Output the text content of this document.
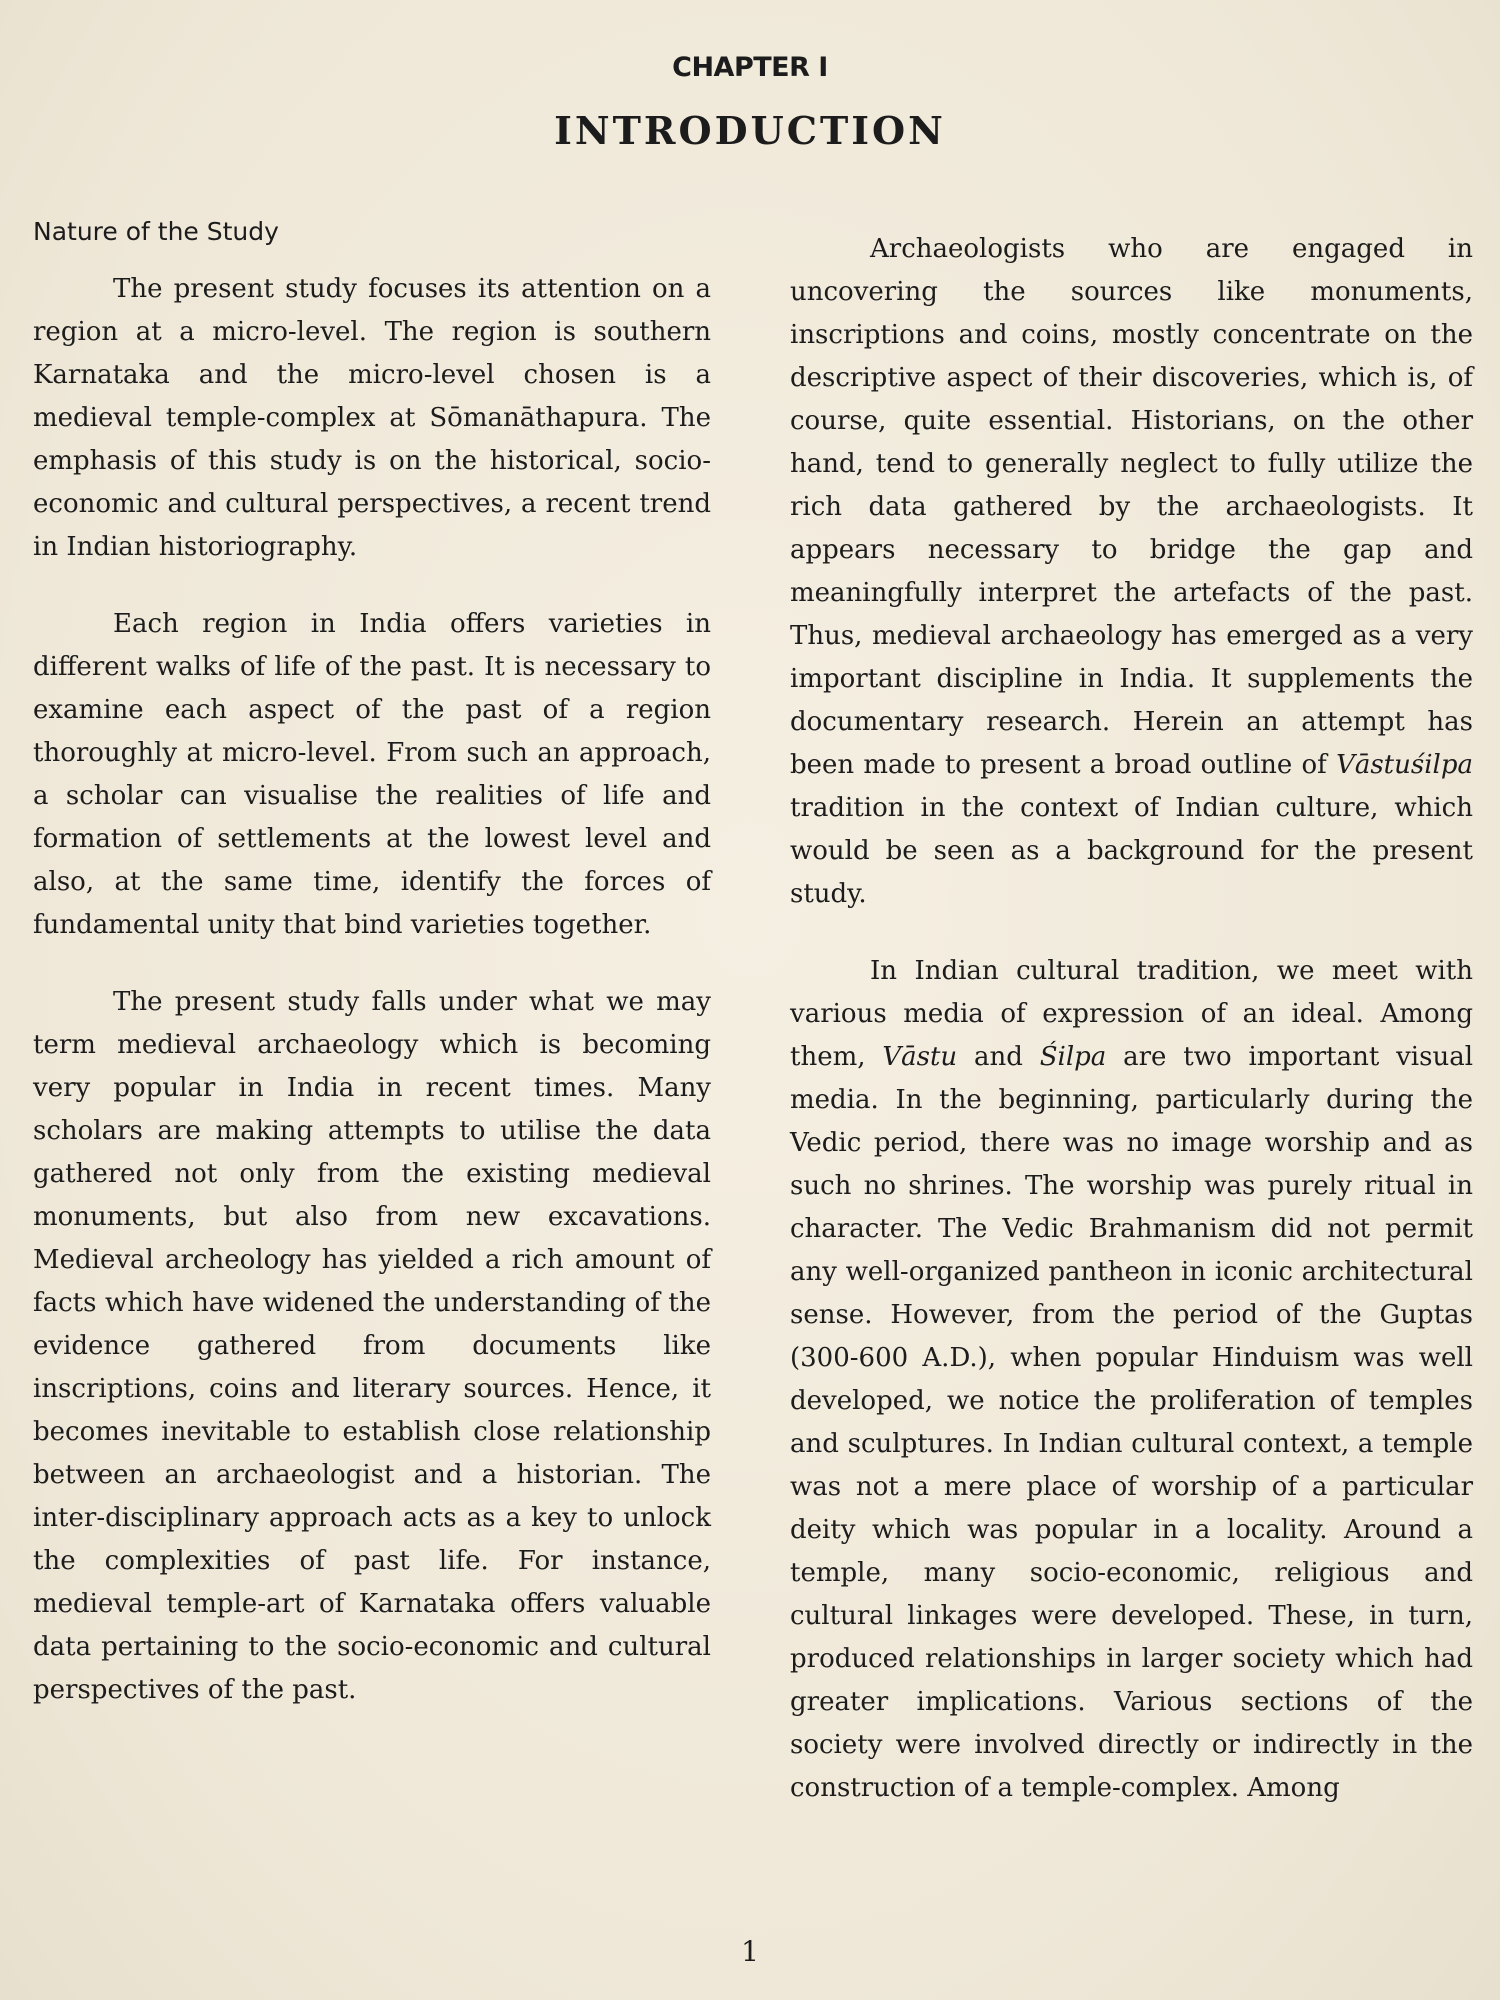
CHAPTER I
INTRODUCTION
Nature of the Study

The present study focuses its attention on a region at a micro-level. The region is southern Karnataka and the micro-level chosen is a medieval temple-complex at Sōmanāthapura. The emphasis of this study is on the historical, socio-economic and cultural perspectives, a recent trend in Indian historiography.

Each region in India offers varieties in different walks of life of the past. It is necessary to examine each aspect of the past of a region thoroughly at micro-level. From such an approach, a scholar can visualise the realities of life and formation of settlements at the lowest level and also, at the same time, identify the forces of fundamental unity that bind varieties together.

The present study falls under what we may term medieval archaeology which is becoming very popular in India in recent times. Many scholars are making attempts to utilise the data gathered not only from the existing medieval monuments, but also from new excavations. Medieval archeology has yielded a rich amount of facts which have widened the understanding of the evidence gathered from documents like inscriptions, coins and literary sources. Hence, it becomes inevitable to establish close relationship between an archaeologist and a historian. The inter-disciplinary approach acts as a key to unlock the complexities of past life. For instance, medieval temple-art of Karnataka offers valuable data pertaining to the socio-economic and cultural perspectives of the past.

Archaeologists who are engaged in uncovering the sources like monuments, inscriptions and coins, mostly concentrate on the descriptive aspect of their discoveries, which is, of course, quite essential. Historians, on the other hand, tend to generally neglect to fully utilize the rich data gathered by the archaeologists. It appears necessary to bridge the gap and meaningfully interpret the artefacts of the past. Thus, medieval archaeology has emerged as a very important discipline in India. It supplements the documentary research. Herein an attempt has been made to present a broad outline of Vāstuśilpa tradition in the context of Indian culture, which would be seen as a background for the present study.

In Indian cultural tradition, we meet with various media of expression of an ideal. Among them, Vāstu and Śilpa are two important visual media. In the beginning, particularly during the Vedic period, there was no image worship and as such no shrines. The worship was purely ritual in character. The Vedic Brahmanism did not permit any well-organized pantheon in iconic architectural sense. However, from the period of the Guptas (300-600 A.D.), when popular Hinduism was well developed, we notice the proliferation of temples and sculptures. In Indian cultural context, a temple was not a mere place of worship of a particular deity which was popular in a locality. Around a temple, many socio-economic, religious and cultural linkages were developed. These, in turn, produced relationships in larger society which had greater implications. Various sections of the society were involved directly or indirectly in the construction of a temple-complex. Among

1
